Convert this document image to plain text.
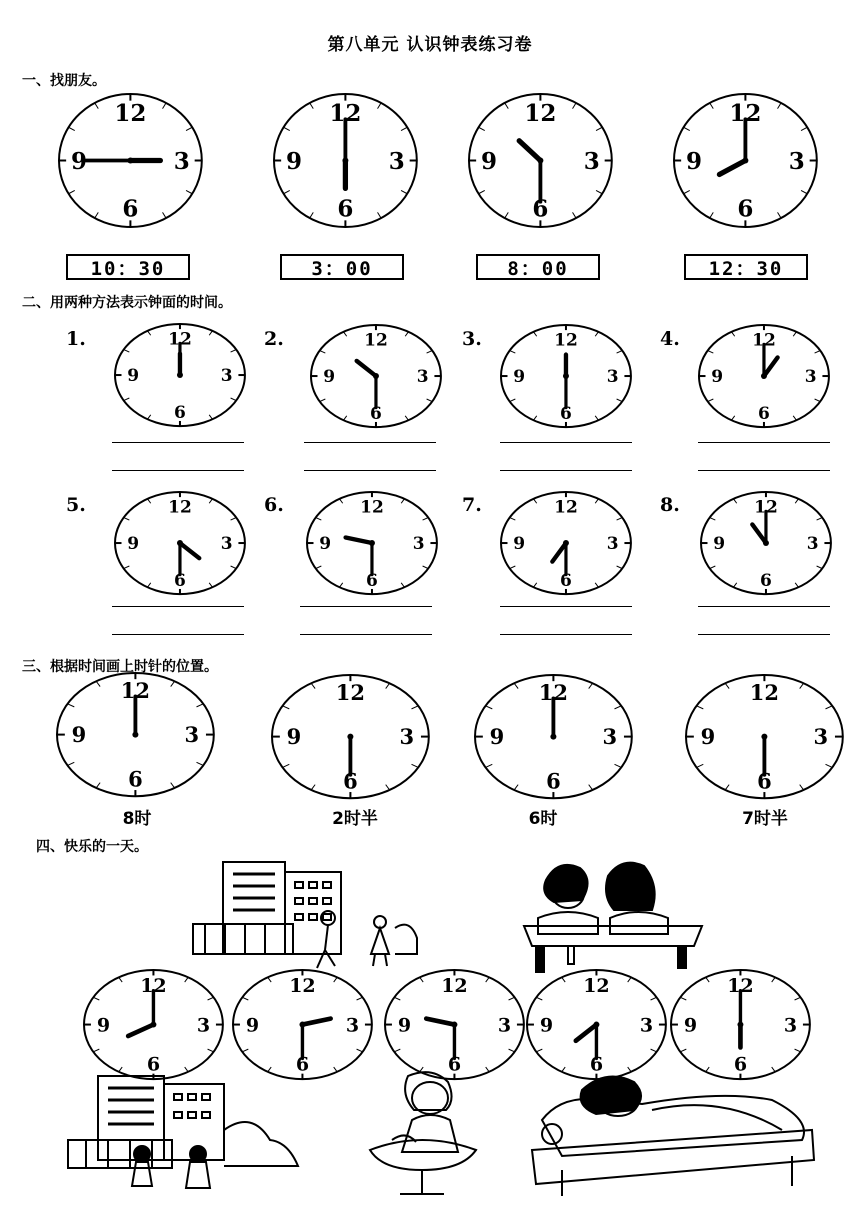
第八单元 认识钟表练习卷
一、找朋友。
12
3
6
9
12
3
6
9
12
3
6
9
12
3
6
9
10：30	3：00	8：00	12：30
二、用两种方法表示钟面的时间。
1.	2.	3.	4.
5.	6.	7.	8.
12
3
6
9
12
3
6
9
12
3
6
9
12
3
6
9
12
3
6
9
12
3
6
9
12
3
6
9
12
3
6
9
三、根据时间画上时针的位置。
12
3
6
9
12
3
6
9
12
3
6
9
12
3
6
9
8时	2时半	6时	7时半
四、快乐的一天。
12
3
6
9
12
3
6
9
12
3
6
9
12
3
6
9
12
3
6
9
